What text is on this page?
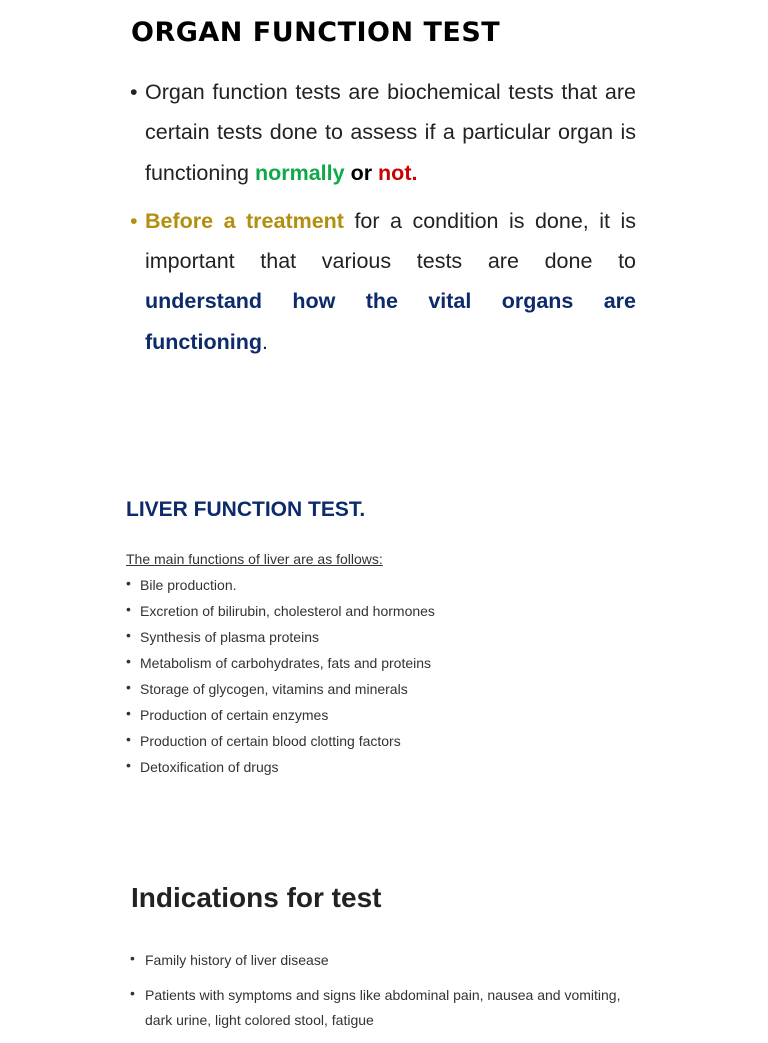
ORGAN FUNCTION TEST
• Organ function tests are biochemical tests that are certain tests done to assess if a particular organ is functioning normally or not.
• Before a treatment for a condition is done, it is important that various tests are done to understand how the vital organs are functioning.
LIVER FUNCTION TEST.

The main functions of liver are as follows:

• Bile production.
• Excretion of bilirubin, cholesterol and hormones
• Synthesis of plasma proteins
• Metabolism of carbohydrates, fats and proteins
• Storage of glycogen, vitamins and minerals
• Production of certain enzymes
• Production of certain blood clotting factors
• Detoxification of drugs
Indications for test
• Family history of liver disease
• Patients with symptoms and signs like abdominal pain, nausea and vomiting, dark urine, light colored stool, fatigue
